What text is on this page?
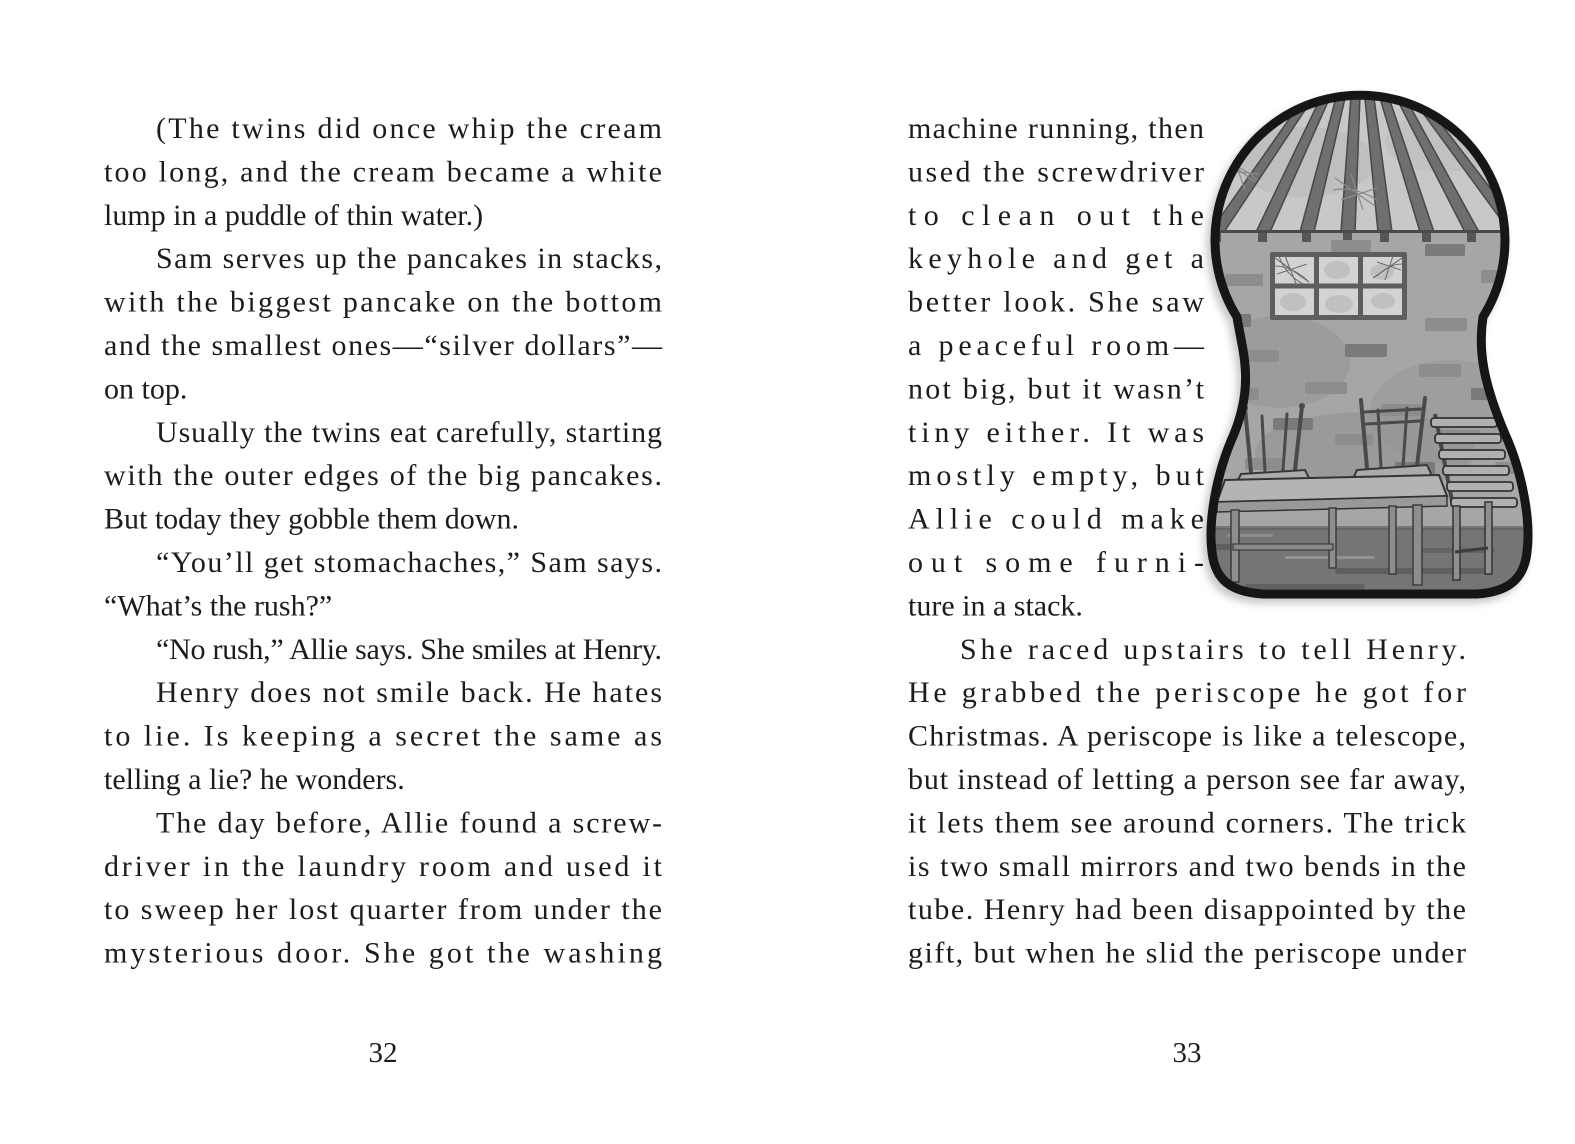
(The twins did once whip the cream
too long, and the cream became a white
lump in a puddle of thin water.)
Sam serves up the pancakes in stacks,
with the biggest pancake on the bottom
and the smallest ones—“silver dollars”—
on top.
Usually the twins eat carefully, starting
with the outer edges of the big pancakes.
But today they gobble them down.
“You’ll get stomachaches,” Sam says.
“What’s the rush?”
“No rush,” Allie says. She smiles at Henry.
Henry does not smile back. He hates
to lie. Is keeping a secret the same as
telling a lie? he wonders.
The day before, Allie found a screw-
driver in the laundry room and used it
to sweep her lost quarter from under the
mysterious door. She got the washing
32
machine running, then
used the screwdriver
to clean out the
keyhole and get a
better look. She saw
a peaceful room—
not big, but it wasn’t
tiny either. It was
mostly empty, but
Allie could make
out some furni-
ture in a stack.
She raced upstairs to tell Henry.
He grabbed the periscope he got for
Christmas. A periscope is like a telescope,
but instead of letting a person see far away,
it lets them see around corners. The trick
is two small mirrors and two bends in the
tube. Henry had been disappointed by the
gift, but when he slid the periscope under
33
